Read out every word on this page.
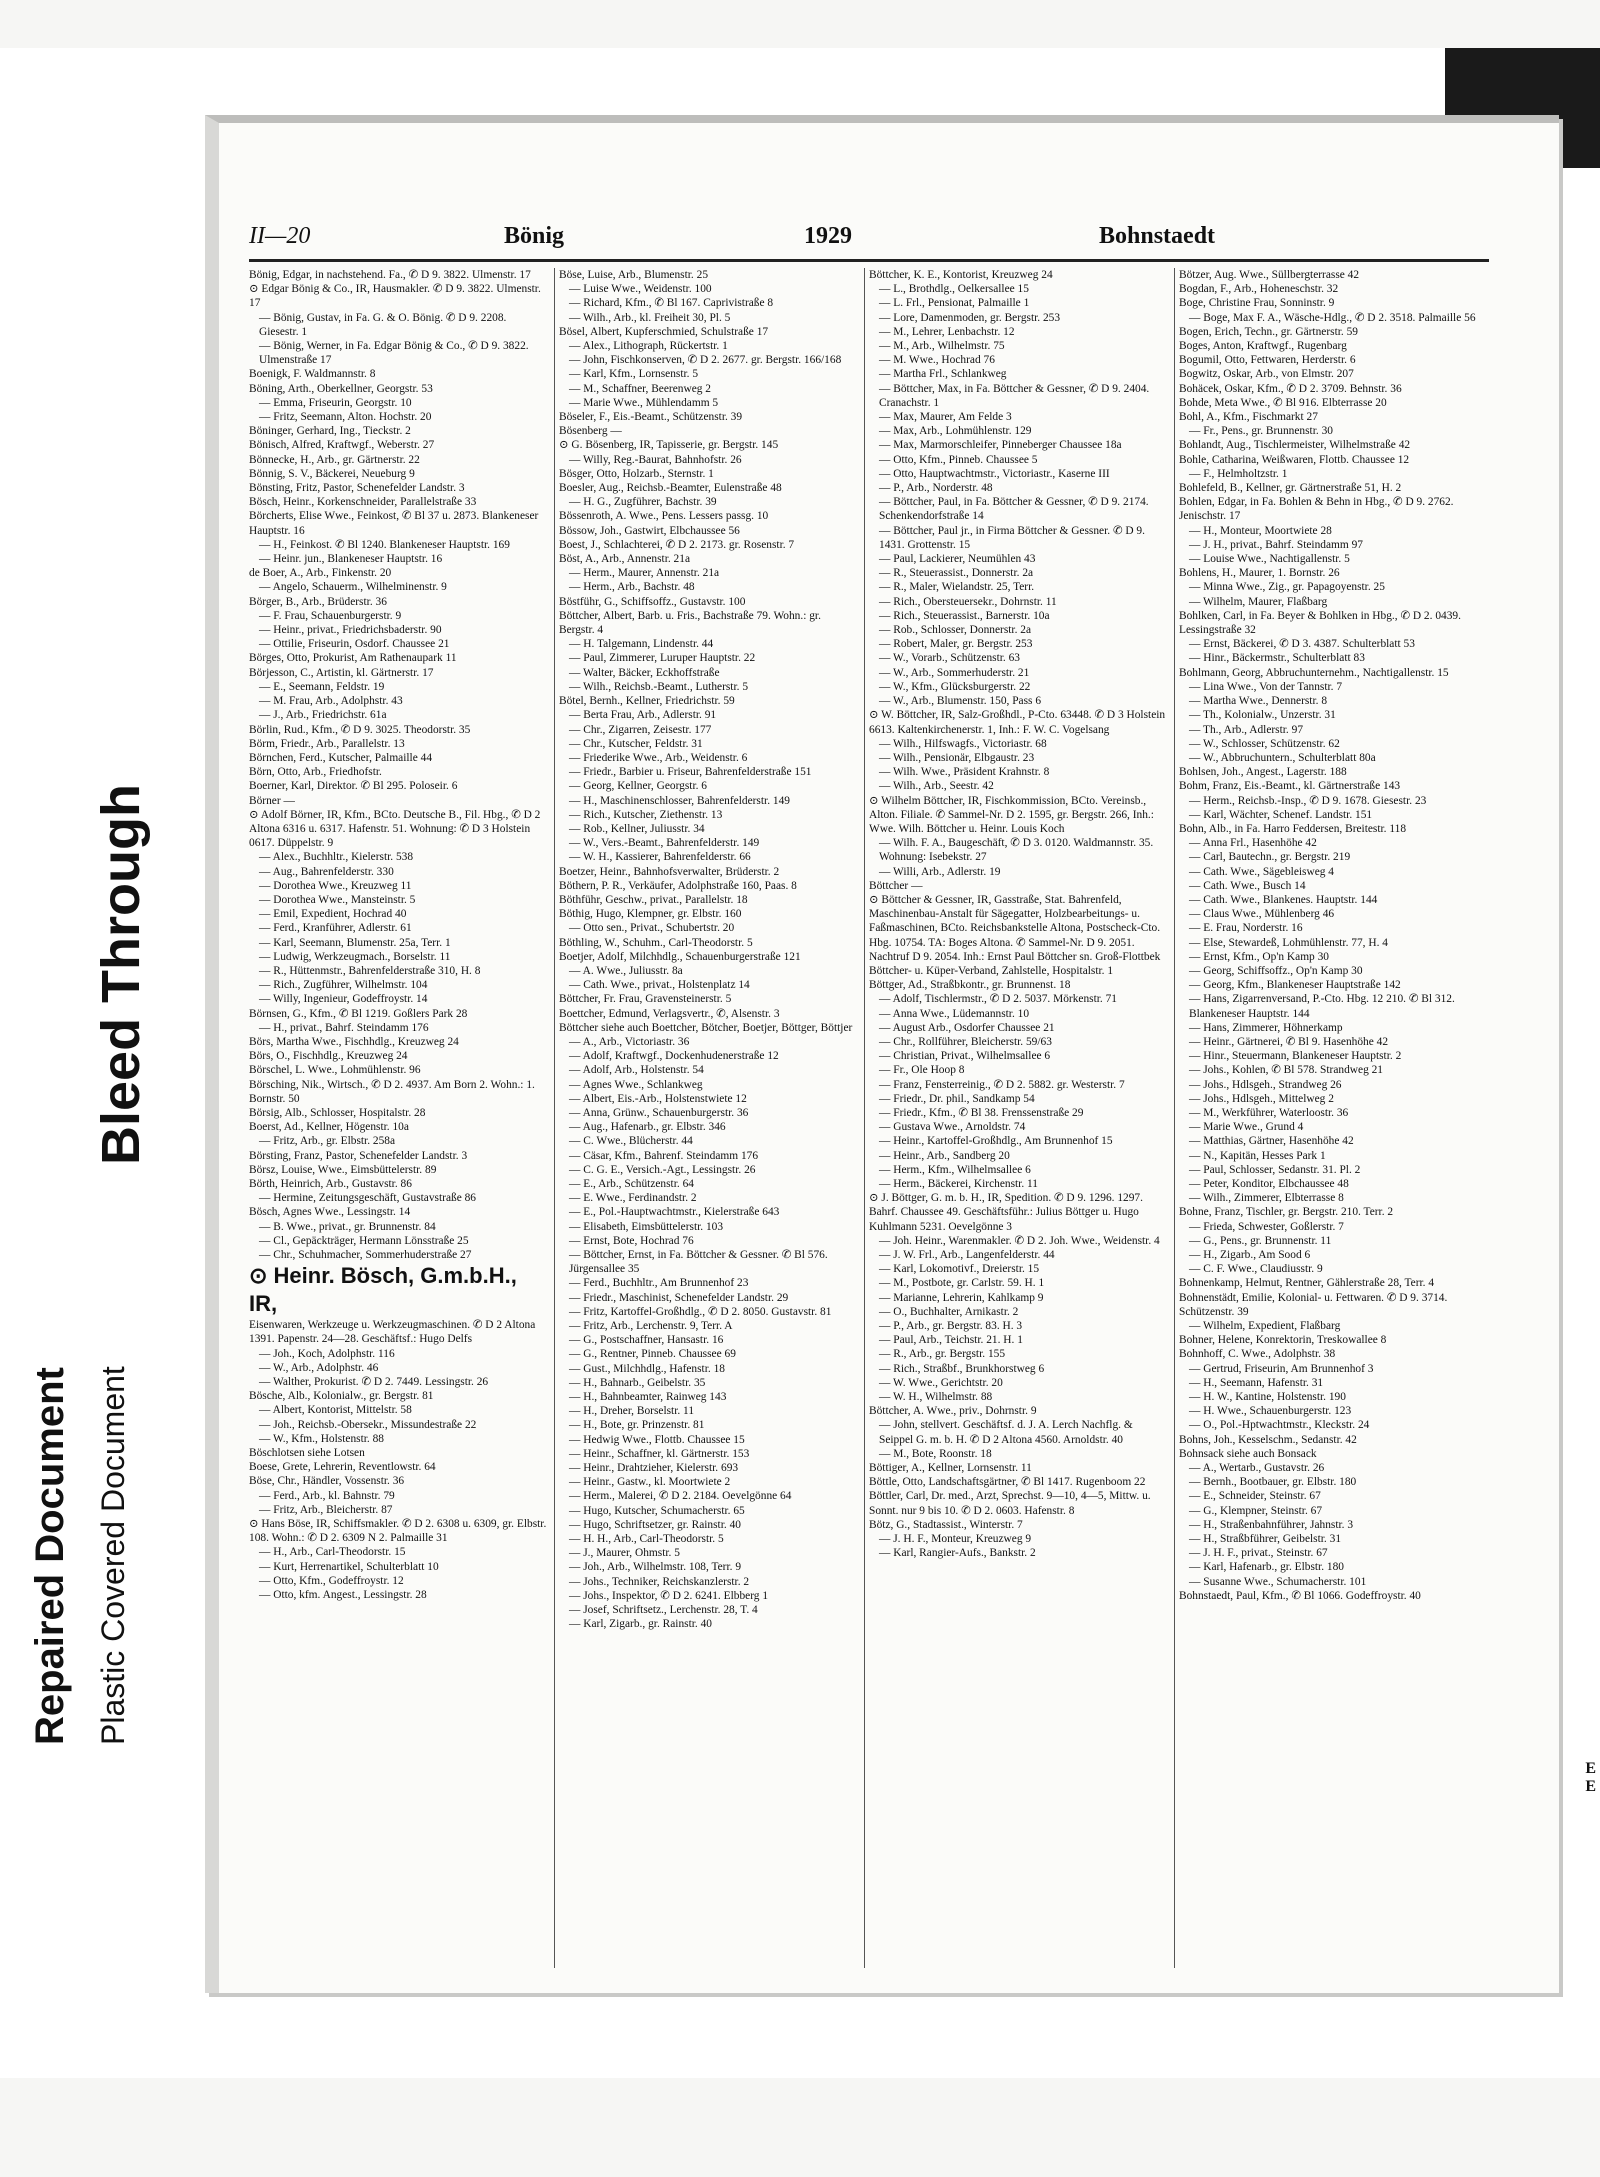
Repaired Document Plastic Covered Document
Bleed Through
II—20	Bönig	1929	Bohnstaedt

Bönig, Edgar, in nachstehend. Fa., ✆ D 9. 3822. Ulmenstr. 17

⊙ Edgar Bönig & Co., IR, Hausmakler. ✆ D 9. 3822. Ulmenstr. 17

— Bönig, Gustav, in Fa. G. & O. Bönig. ✆ D 9. 2208. Giesestr. 1

— Bönig, Werner, in Fa. Edgar Bönig & Co., ✆ D 9. 3822. Ulmenstraße 17

Boenigk, F. Waldmannstr. 8

Böning, Arth., Oberkellner, Georgstr. 53

— Emma, Friseurin, Georgstr. 10

— Fritz, Seemann, Alton. Hochstr. 20

Böninger, Gerhard, Ing., Tieckstr. 2

Bönisch, Alfred, Kraftwgf., Weberstr. 27

Bönnecke, H., Arb., gr. Gärtnerstr. 22

Bönnig, S. V., Bäckerei, Neueburg 9

Bönsting, Fritz, Pastor, Schenefelder Landstr. 3

Bösch, Heinr., Korkenschneider, Parallelstraße 33

Börcherts, Elise Wwe., Feinkost, ✆ Bl 37 u. 2873. Blankeneser Hauptstr. 16

— H., Feinkost. ✆ Bl 1240. Blankeneser Hauptstr. 169

— Heinr. jun., Blankeneser Hauptstr. 16

de Boer, A., Arb., Finkenstr. 20

— Angelo, Schauerm., Wilhelminenstr. 9

Börger, B., Arb., Brüderstr. 36

— F. Frau, Schauenburgerstr. 9

— Heinr., privat., Friedrichsbaderstr. 90

— Ottilie, Friseurin, Osdorf. Chaussee 21

Börges, Otto, Prokurist, Am Rathenaupark 11

Börjesson, C., Artistin, kl. Gärtnerstr. 17

— E., Seemann, Feldstr. 19

— M. Frau, Arb., Adolphstr. 43

— J., Arb., Friedrichstr. 61a

Börlin, Rud., Kfm., ✆ D 9. 3025. Theodorstr. 35

Börm, Friedr., Arb., Parallelstr. 13

Börnchen, Ferd., Kutscher, Palmaille 44

Börn, Otto, Arb., Friedhofstr.

Boerner, Karl, Direktor. ✆ Bl 295. Poloseir. 6

Börner —

⊙ Adolf Börner, IR, Kfm., BCto. Deutsche B., Fil. Hbg., ✆ D 2 Altona 6316 u. 6317. Hafenstr. 51. Wohnung: ✆ D 3 Holstein 0617. Düppelstr. 9

— Alex., Buchhltr., Kielerstr. 538

— Aug., Bahrenfelderstr. 330

— Dorothea Wwe., Kreuzweg 11

— Dorothea Wwe., Mansteinstr. 5

— Emil, Expedient, Hochrad 40

— Ferd., Kranführer, Adlerstr. 61

— Karl, Seemann, Blumenstr. 25a, Terr. 1

— Ludwig, Werkzeugmach., Borselstr. 11

— R., Hüttenmstr., Bahrenfelderstraße 310, H. 8

— Rich., Zugführer, Wilhelmstr. 104

— Willy, Ingenieur, Godeffroystr. 14

Börnsen, G., Kfm., ✆ Bl 1219. Goßlers Park 28

— H., privat., Bahrf. Steindamm 176

Börs, Martha Wwe., Fischhdlg., Kreuzweg 24

Börs, O., Fischhdlg., Kreuzweg 24

Börschel, L. Wwe., Lohmühlenstr. 96

Börsching, Nik., Wirtsch., ✆ D 2. 4937. Am Born 2. Wohn.: 1. Bornstr. 50

Börsig, Alb., Schlosser, Hospitalstr. 28

Boerst, Ad., Kellner, Högenstr. 10a

— Fritz, Arb., gr. Elbstr. 258a

Börsting, Franz, Pastor, Schenefelder Landstr. 3

Börsz, Louise, Wwe., Eimsbüttelerstr. 89

Börth, Heinrich, Arb., Gustavstr. 86

— Hermine, Zeitungsgeschäft, Gustavstraße 86

Bösch, Agnes Wwe., Lessingstr. 14

— B. Wwe., privat., gr. Brunnenstr. 84

— Cl., Gepäckträger, Hermann Lönsstraße 25

— Chr., Schuhmacher, Sommerhuderstraße 27

⊙ Heinr. Bösch, G.m.b.H., IR,

Eisenwaren, Werkzeuge u. Werkzeugmaschinen. ✆ D 2 Altona 1391. Papenstr. 24—28. Geschäftsf.: Hugo Delfs

— Joh., Koch, Adolphstr. 116

— W., Arb., Adolphstr. 46

— Walther, Prokurist. ✆ D 2. 7449. Lessingstr. 26

Bösche, Alb., Kolonialw., gr. Bergstr. 81

— Albert, Kontorist, Mittelstr. 58

— Joh., Reichsb.-Obersekr., Missundestraße 22

— W., Kfm., Holstenstr. 88

Böschlotsen siehe Lotsen

Boese, Grete, Lehrerin, Reventlowstr. 64

Böse, Chr., Händler, Vossenstr. 36

— Ferd., Arb., kl. Bahnstr. 79

— Fritz, Arb., Bleicherstr. 87

⊙ Hans Böse, IR, Schiffsmakler. ✆ D 2. 6308 u. 6309, gr. Elbstr. 108. Wohn.: ✆ D 2. 6309 N 2. Palmaille 31

— H., Arb., Carl-Theodorstr. 15

— Kurt, Herrenartikel, Schulterblatt 10

— Otto, Kfm., Godeffroystr. 12

— Otto, kfm. Angest., Lessingstr. 28

Böse, Luise, Arb., Blumenstr. 25

— Luise Wwe., Weidenstr. 100

— Richard, Kfm., ✆ Bl 167. Caprivistraße 8

— Wilh., Arb., kl. Freiheit 30, Pl. 5

Bösel, Albert, Kupferschmied, Schulstraße 17

— Alex., Lithograph, Rückertstr. 1

— John, Fischkonserven, ✆ D 2. 2677. gr. Bergstr. 166/168

— Karl, Kfm., Lornsenstr. 5

— M., Schaffner, Beerenweg 2

— Marie Wwe., Mühlendamm 5

Böseler, F., Eis.-Beamt., Schützenstr. 39

Bösenberg —

⊙ G. Bösenberg, IR, Tapisserie, gr. Bergstr. 145

— Willy, Reg.-Baurat, Bahnhofstr. 26

Bösger, Otto, Holzarb., Sternstr. 1

Boesler, Aug., Reichsb.-Beamter, Eulenstraße 48

— H. G., Zugführer, Bachstr. 39

Bössenroth, A. Wwe., Pens. Lessers passg. 10

Bössow, Joh., Gastwirt, Elbchaussee 56

Boest, J., Schlachterei, ✆ D 2. 2173. gr. Rosenstr. 7

Böst, A., Arb., Annenstr. 21a

— Herm., Maurer, Annenstr. 21a

— Herm., Arb., Bachstr. 48

Böstführ, G., Schiffsoffz., Gustavstr. 100

Böttcher, Albert, Barb. u. Fris., Bachstraße 79. Wohn.: gr. Bergstr. 4

— H. Talgemann, Lindenstr. 44

— Paul, Zimmerer, Luruper Hauptstr. 22

— Walter, Bäcker, Eckhoffstraße

— Wilh., Reichsb.-Beamt., Lutherstr. 5

Bötel, Bernh., Kellner, Friedrichstr. 59

— Berta Frau, Arb., Adlerstr. 91

— Chr., Zigarren, Zeisestr. 177

— Chr., Kutscher, Feldstr. 31

— Friederike Wwe., Arb., Weidenstr. 6

— Friedr., Barbier u. Friseur, Bahrenfelderstraße 151

— Georg, Kellner, Georgstr. 6

— H., Maschinenschlosser, Bahrenfelderstr. 149

— Rich., Kutscher, Ziethenstr. 13

— Rob., Kellner, Juliusstr. 34

— W., Vers.-Beamt., Bahrenfelderstr. 149

— W. H., Kassierer, Bahrenfelderstr. 66

Boetzer, Heinr., Bahnhofsverwalter, Brüderstr. 2

Böthern, P. R., Verkäufer, Adolphstraße 160, Paas. 8

Böthführ, Geschw., privat., Parallelstr. 18

Böthig, Hugo, Klempner, gr. Elbstr. 160

— Otto sen., Privat., Schubertstr. 20

Böthling, W., Schuhm., Carl-Theodorstr. 5

Boetjer, Adolf, Milchhdlg., Schauenburgerstraße 121

— A. Wwe., Juliusstr. 8a

— Cath. Wwe., privat., Holstenplatz 14

Böttcher, Fr. Frau, Gravensteinerstr. 5

Boettcher, Edmund, Verlagsvertr., ✆, Alsenstr. 3

Böttcher siehe auch Boettcher, Bötcher, Boetjer, Böttger, Böttjer

— A., Arb., Victoriastr. 36

— Adolf, Kraftwgf., Dockenhudenerstraße 12

— Adolf, Arb., Holstenstr. 54

— Agnes Wwe., Schlankweg

— Albert, Eis.-Arb., Holstenstwiete 12

— Anna, Grünw., Schauenburgerstr. 36

— Aug., Hafenarb., gr. Elbstr. 346

— C. Wwe., Blücherstr. 44

— Cäsar, Kfm., Bahrenf. Steindamm 176

— C. G. E., Versich.-Agt., Lessingstr. 26

— E., Arb., Schützenstr. 64

— E. Wwe., Ferdinandstr. 2

— E., Pol.-Hauptwachtmstr., Kielerstraße 643

— Elisabeth, Eimsbüttelerstr. 103

— Ernst, Bote, Hochrad 76

— Böttcher, Ernst, in Fa. Böttcher & Gessner. ✆ Bl 576. Jürgensallee 35

— Ferd., Buchhltr., Am Brunnenhof 23

— Friedr., Maschinist, Schenefelder Landstr. 29

— Fritz, Kartoffel-Großhdlg., ✆ D 2. 8050. Gustavstr. 81

— Fritz, Arb., Lerchenstr. 9, Terr. A

— G., Postschaffner, Hansastr. 16

— G., Rentner, Pinneb. Chaussee 69

— Gust., Milchhdlg., Hafenstr. 18

— H., Bahnarb., Geibelstr. 35

— H., Bahnbeamter, Rainweg 143

— H., Dreher, Borselstr. 11

— H., Bote, gr. Prinzenstr. 81

— Hedwig Wwe., Flottb. Chaussee 15

— Heinr., Schaffner, kl. Gärtnerstr. 153

— Heinr., Drahtzieher, Kielerstr. 693

— Heinr., Gastw., kl. Moortwiete 2

— Herm., Malerei, ✆ D 2. 2184. Oevelgönne 64

— Hugo, Kutscher, Schumacherstr. 65

— Hugo, Schriftsetzer, gr. Rainstr. 40

— H. H., Arb., Carl-Theodorstr. 5

— J., Maurer, Ohmstr. 5

— Joh., Arb., Wilhelmstr. 108, Terr. 9

— Johs., Techniker, Reichskanzlerstr. 2

— Johs., Inspektor, ✆ D 2. 6241. Elbberg 1

— Josef, Schriftsetz., Lerchenstr. 28, T. 4

— Karl, Zigarb., gr. Rainstr. 40

Böttcher, K. E., Kontorist, Kreuzweg 24

— L., Brothdlg., Oelkersallee 15

— L. Frl., Pensionat, Palmaille 1

— Lore, Damenmoden, gr. Bergstr. 253

— M., Lehrer, Lenbachstr. 12

— M., Arb., Wilhelmstr. 75

— M. Wwe., Hochrad 76

— Martha Frl., Schlankweg

— Böttcher, Max, in Fa. Böttcher & Gessner, ✆ D 9. 2404. Cranachstr. 1

— Max, Maurer, Am Felde 3

— Max, Arb., Lohmühlenstr. 129

— Max, Marmorschleifer, Pinneberger Chaussee 18a

— Otto, Kfm., Pinneb. Chaussee 5

— Otto, Hauptwachtmstr., Victoriastr., Kaserne III

— P., Arb., Norderstr. 48

— Böttcher, Paul, in Fa. Böttcher & Gessner, ✆ D 9. 2174. Schenkendorfstraße 14

— Böttcher, Paul jr., in Firma Böttcher & Gessner. ✆ D 9. 1431. Grottenstr. 15

— Paul, Lackierer, Neumühlen 43

— R., Steuerassist., Donnerstr. 2a

— R., Maler, Wielandstr. 25, Terr.

— Rich., Obersteuersekr., Dohrnstr. 11

— Rich., Steuerassist., Barnerstr. 10a

— Rob., Schlosser, Donnerstr. 2a

— Robert, Maler, gr. Bergstr. 253

— W., Vorarb., Schützenstr. 63

— W., Arb., Sommerhuderstr. 21

— W., Kfm., Glücksburgerstr. 22

— W., Arb., Blumenstr. 150, Pass 6

⊙ W. Böttcher, IR, Salz-Großhdl., P-Cto. 63448. ✆ D 3 Holstein 6613. Kaltenkirchenerstr. 1, Inh.: F. W. C. Vogelsang

— Wilh., Hilfswagfs., Victoriastr. 68

— Wilh., Pensionär, Elbgaustr. 23

— Wilh. Wwe., Präsident Krahnstr. 8

— Wilh., Arb., Seestr. 42

⊙ Wilhelm Böttcher, IR, Fischkommission, BCto. Vereinsb., Alton. Filiale. ✆ Sammel-Nr. D 2. 1595, gr. Bergstr. 266, Inh.: Wwe. Wilh. Böttcher u. Heinr. Louis Koch

— Wilh. F. A., Baugeschäft, ✆ D 3. 0120. Waldmannstr. 35. Wohnung: Isebekstr. 27

— Willi, Arb., Adlerstr. 19

Böttcher —

⊙ Böttcher & Gessner, IR, Gasstraße, Stat. Bahrenfeld, Maschinenbau-Anstalt für Sägegatter, Holzbearbeitungs- u. Faßmaschinen, BCto. Reichsbankstelle Altona, Postscheck-Cto. Hbg. 10754. TA: Boges Altona. ✆ Sammel-Nr. D 9. 2051. Nachtruf D 9. 2054. Inh.: Ernst Paul Böttcher sn. Groß-Flottbek

Böttcher- u. Küper-Verband, Zahlstelle, Hospitalstr. 1

Böttger, Ad., Straßbkontr., gr. Brunnenst. 18

— Adolf, Tischlermstr., ✆ D 2. 5037. Mörkenstr. 71

— Anna Wwe., Lüdemannstr. 10

— August Arb., Osdorfer Chaussee 21

— Chr., Rollführer, Bleicherstr. 59/63

— Christian, Privat., Wilhelmsallee 6

— Fr., Ole Hoop 8

— Franz, Fensterreinig., ✆ D 2. 5882. gr. Westerstr. 7

— Friedr., Dr. phil., Sandkamp 54

— Friedr., Kfm., ✆ Bl 38. Frenssenstraße 29

— Gustava Wwe., Arnoldstr. 74

— Heinr., Kartoffel-Großhdlg., Am Brunnenhof 15

— Heinr., Arb., Sandberg 20

— Herm., Kfm., Wilhelmsallee 6

— Herm., Bäckerei, Kirchenstr. 11

⊙ J. Böttger, G. m. b. H., IR, Spedition. ✆ D 9. 1296. 1297. Bahrf. Chaussee 49. Geschäftsführ.: Julius Böttger u. Hugo Kuhlmann 5231. Oevelgönne 3

— Joh. Heinr., Warenmakler. ✆ D 2. Joh. Wwe., Weidenstr. 4

— J. W. Frl., Arb., Langenfelderstr. 44

— Karl, Lokomotivf., Dreierstr. 15

— M., Postbote, gr. Carlstr. 59. H. 1

— Marianne, Lehrerin, Kahlkamp 9

— O., Buchhalter, Arnikastr. 2

— P., Arb., gr. Bergstr. 83. H. 3

— Paul, Arb., Teichstr. 21. H. 1

— R., Arb., gr. Bergstr. 155

— Rich., Straßbf., Brunkhorstweg 6

— W. Wwe., Gerichtstr. 20

— W. H., Wilhelmstr. 88

Böttcher, A. Wwe., priv., Dohrnstr. 9

— John, stellvert. Geschäftsf. d. J. A. Lerch Nachflg. & Seippel G. m. b. H. ✆ D 2 Altona 4560. Arnoldstr. 40

— M., Bote, Roonstr. 18

Böttiger, A., Kellner, Lornsenstr. 11

Böttle, Otto, Landschaftsgärtner, ✆ Bl 1417. Rugenboom 22

Böttler, Carl, Dr. med., Arzt, Sprechst. 9—10, 4—5, Mittw. u. Sonnt. nur 9 bis 10. ✆ D 2. 0603. Hafenstr. 8

Bötz, G., Stadtassist., Winterstr. 7

— J. H. F., Monteur, Kreuzweg 9

— Karl, Rangier-Aufs., Bankstr. 2

Bötzer, Aug. Wwe., Süllbergterrasse 42

Bogdan, F., Arb., Hoheneschstr. 32

Boge, Christine Frau, Sonninstr. 9

— Boge, Max F. A., Wäsche-Hdlg., ✆ D 2. 3518. Palmaille 56

Bogen, Erich, Techn., gr. Gärtnerstr. 59

Boges, Anton, Kraftwgf., Rugenbarg

Bogumil, Otto, Fettwaren, Herderstr. 6

Bogwitz, Oskar, Arb., von Elmstr. 207

Bohäcek, Oskar, Kfm., ✆ D 2. 3709. Behnstr. 36

Bohde, Meta Wwe., ✆ Bl 916. Elbterrasse 20

Bohl, A., Kfm., Fischmarkt 27

— Fr., Pens., gr. Brunnenstr. 30

Bohlandt, Aug., Tischlermeister, Wilhelmstraße 42

Bohle, Catharina, Weißwaren, Flottb. Chaussee 12

— F., Helmholtzstr. 1

Bohlefeld, B., Kellner, gr. Gärtnerstraße 51, H. 2

Bohlen, Edgar, in Fa. Bohlen & Behn in Hbg., ✆ D 9. 2762. Jenischstr. 17

— H., Monteur, Moortwiete 28

— J. H., privat., Bahrf. Steindamm 97

— Louise Wwe., Nachtigallenstr. 5

Bohlens, H., Maurer, 1. Bornstr. 26

— Minna Wwe., Zig., gr. Papagoyenstr. 25

— Wilhelm, Maurer, Flaßbarg

Bohlken, Carl, in Fa. Beyer & Bohlken in Hbg., ✆ D 2. 0439. Lessingstraße 32

— Ernst, Bäckerei, ✆ D 3. 4387. Schulterblatt 53

— Hinr., Bäckermstr., Schulterblatt 83

Bohlmann, Georg, Abbruchunternehm., Nachtigallenstr. 15

— Lina Wwe., Von der Tannstr. 7

— Martha Wwe., Dennerstr. 8

— Th., Kolonialw., Unzerstr. 31

— Th., Arb., Adlerstr. 97

— W., Schlosser, Schützenstr. 62

— W., Abbruchuntern., Schulterblatt 80a

Bohlsen, Joh., Angest., Lagerstr. 188

Bohm, Franz, Eis.-Beamt., kl. Gärtnerstraße 143

— Herm., Reichsb.-Insp., ✆ D 9. 1678. Giesestr. 23

— Karl, Wächter, Schenef. Landstr. 151

Bohn, Alb., in Fa. Harro Feddersen, Breitestr. 118

— Anna Frl., Hasenhöhe 42

— Carl, Bautechn., gr. Bergstr. 219

— Cath. Wwe., Sägebleisweg 4

— Cath. Wwe., Busch 14

— Cath. Wwe., Blankenes. Hauptstr. 144

— Claus Wwe., Mühlenberg 46

— E. Frau, Norderstr. 16

— Else, Stewardeß, Lohmühlenstr. 77, H. 4

— Ernst, Kfm., Op'n Kamp 30

— Georg, Schiffsoffz., Op'n Kamp 30

— Georg, Kfm., Blankeneser Hauptstraße 142

— Hans, Zigarrenversand, P.-Cto. Hbg. 12 210. ✆ Bl 312. Blankeneser Hauptstr. 144

— Hans, Zimmerer, Höhnerkamp

— Heinr., Gärtnerei, ✆ Bl 9. Hasenhöhe 42

— Hinr., Steuermann, Blankeneser Hauptstr. 2

— Johs., Kohlen, ✆ Bl 578. Strandweg 21

— Johs., Hdlsgeh., Strandweg 26

— Johs., Hdlsgeh., Mittelweg 2

— M., Werkführer, Waterloostr. 36

— Marie Wwe., Grund 4

— Matthias, Gärtner, Hasenhöhe 42

— N., Kapitän, Hesses Park 1

— Paul, Schlosser, Sedanstr. 31. Pl. 2

— Peter, Konditor, Elbchaussee 48

— Wilh., Zimmerer, Elbterrasse 8

Bohne, Franz, Tischler, gr. Bergstr. 210. Terr. 2

— Frieda, Schwester, Goßlerstr. 7

— G., Pens., gr. Brunnenstr. 11

— H., Zigarb., Am Sood 6

— C. F. Wwe., Claudiusstr. 9

Bohnenkamp, Helmut, Rentner, Gählerstraße 28, Terr. 4

Bohnenstädt, Emilie, Kolonial- u. Fettwaren. ✆ D 9. 3714. Schützenstr. 39

— Wilhelm, Expedient, Flaßbarg

Bohner, Helene, Konrektorin, Treskowallee 8

Bohnhoff, C. Wwe., Adolphstr. 38

— Gertrud, Friseurin, Am Brunnenhof 3

— H., Seemann, Hafenstr. 31

— H. W., Kantine, Holstenstr. 190

— H. Wwe., Schauenburgerstr. 123

— O., Pol.-Hptwachtmstr., Kleckstr. 24

Bohns, Joh., Kesselschm., Sedanstr. 42

Bohnsack siehe auch Bonsack

— A., Wertarb., Gustavstr. 26

— Bernh., Bootbauer, gr. Elbstr. 180

— E., Schneider, Steinstr. 67

— G., Klempner, Steinstr. 67

— H., Straßenbahnführer, Jahnstr. 3

— H., Straßbführer, Geibelstr. 31

— J. H. F., privat., Steinstr. 67

— Karl, Hafenarb., gr. Elbstr. 180

— Susanne Wwe., Schumacherstr. 101

Bohnstaedt, Paul, Kfm., ✆ Bl 1066. Godeffroystr. 40

E
E
